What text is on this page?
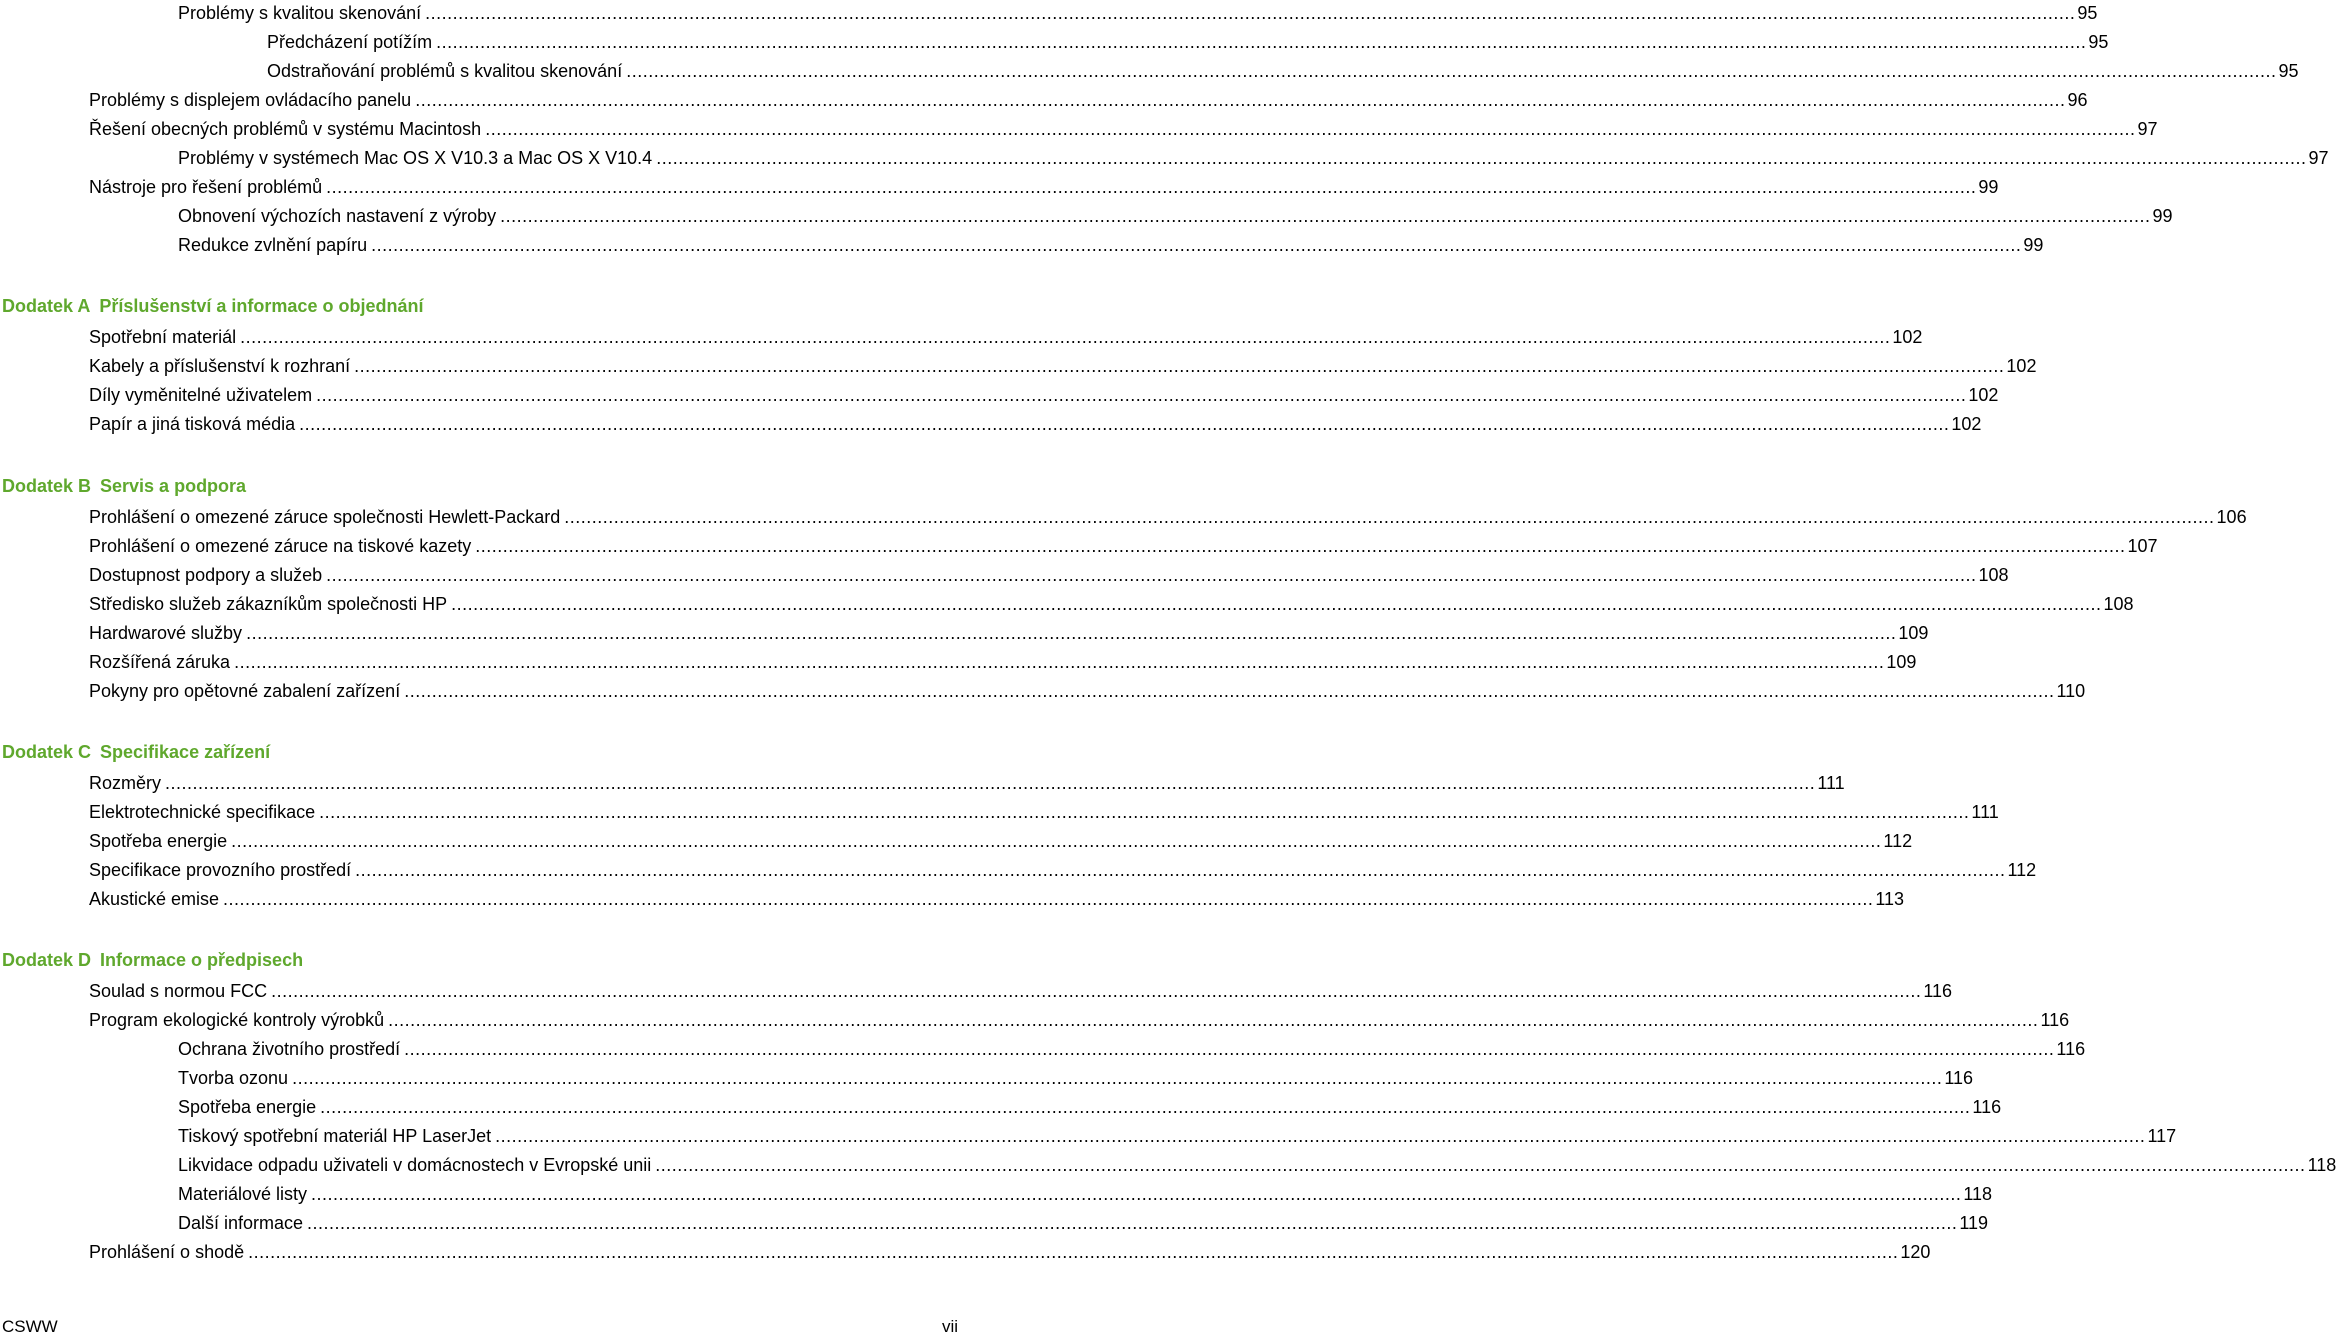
Problémy s kvalitou skenování ............................................................................................................................................................................................................................................................................................................ 95
Předcházení potížím ............................................................................................................................................................................................................................................................................................................ 95
Odstraňování problémů s kvalitou skenování ............................................................................................................................................................................................................................................................................................................ 95
Problémy s displejem ovládacího panelu ............................................................................................................................................................................................................................................................................................................ 96
Řešení obecných problémů v systému Macintosh ............................................................................................................................................................................................................................................................................................................ 97
Problémy v systémech Mac OS X V10.3 a Mac OS X V10.4 ............................................................................................................................................................................................................................................................................................................ 97
Nástroje pro řešení problémů ............................................................................................................................................................................................................................................................................................................ 99
Obnovení výchozích nastavení z výroby ............................................................................................................................................................................................................................................................................................................ 99
Redukce zvlnění papíru ............................................................................................................................................................................................................................................................................................................ 99
Dodatek A Příslušenství a informace o objednání
Spotřební materiál ............................................................................................................................................................................................................................................................................................................ 102
Kabely a příslušenství k rozhraní ............................................................................................................................................................................................................................................................................................................ 102
Díly vyměnitelné uživatelem ............................................................................................................................................................................................................................................................................................................ 102
Papír a jiná tisková média ............................................................................................................................................................................................................................................................................................................ 102
Dodatek B Servis a podpora
Prohlášení o omezené záruce společnosti Hewlett-Packard ............................................................................................................................................................................................................................................................................................................ 106
Prohlášení o omezené záruce na tiskové kazety ............................................................................................................................................................................................................................................................................................................ 107
Dostupnost podpory a služeb ............................................................................................................................................................................................................................................................................................................ 108
Středisko služeb zákazníkům společnosti HP ............................................................................................................................................................................................................................................................................................................ 108
Hardwarové služby ............................................................................................................................................................................................................................................................................................................ 109
Rozšířená záruka ............................................................................................................................................................................................................................................................................................................ 109
Pokyny pro opětovné zabalení zařízení ............................................................................................................................................................................................................................................................................................................ 110
Dodatek C Specifikace zařízení
Rozměry ............................................................................................................................................................................................................................................................................................................ 111
Elektrotechnické specifikace ............................................................................................................................................................................................................................................................................................................ 111
Spotřeba energie ............................................................................................................................................................................................................................................................................................................ 112
Specifikace provozního prostředí ............................................................................................................................................................................................................................................................................................................ 112
Akustické emise ............................................................................................................................................................................................................................................................................................................ 113
Dodatek D Informace o předpisech
Soulad s normou FCC ............................................................................................................................................................................................................................................................................................................ 116
Program ekologické kontroly výrobků ............................................................................................................................................................................................................................................................................................................ 116
Ochrana životního prostředí ............................................................................................................................................................................................................................................................................................................ 116
Tvorba ozonu ............................................................................................................................................................................................................................................................................................................ 116
Spotřeba energie ............................................................................................................................................................................................................................................................................................................ 116
Tiskový spotřební materiál HP LaserJet ............................................................................................................................................................................................................................................................................................................ 117
Likvidace odpadu uživateli v domácnostech v Evropské unii ............................................................................................................................................................................................................................................................................................................ 118
Materiálové listy ............................................................................................................................................................................................................................................................................................................ 118
Další informace ............................................................................................................................................................................................................................................................................................................ 119
Prohlášení o shodě ............................................................................................................................................................................................................................................................................................................ 120
CSWW	vii
